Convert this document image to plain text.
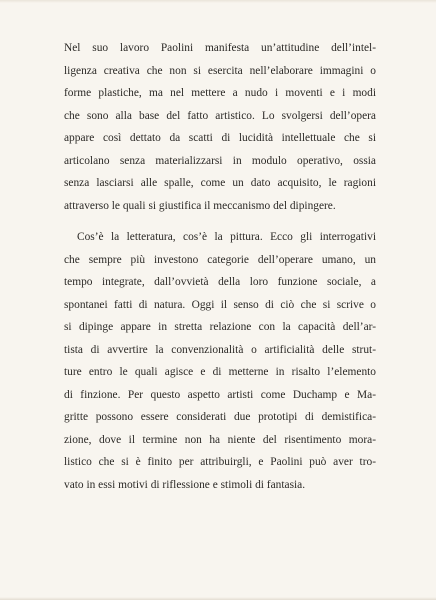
Nel suo lavoro Paolini manifesta un’attitudine dell’intel-
ligenza creativa che non si esercita nell’elaborare immagini o
forme plastiche, ma nel mettere a nudo i moventi e i modi
che sono alla base del fatto artistico. Lo svolgersi dell’opera
appare così dettato da scatti di lucidità intellettuale che si
articolano senza materializzarsi in modulo operativo, ossia
senza lasciarsi alle spalle, come un dato acquisito, le ragioni
attraverso le quali si giustifica il meccanismo del dipingere.
Cos’è la letteratura, cos’è la pittura. Ecco gli interrogativi
che sempre più investono categorie dell’operare umano, un
tempo integrate, dall’ovvietà della loro funzione sociale, a
spontanei fatti di natura. Oggi il senso di ciò che si scrive o
si dipinge appare in stretta relazione con la capacità dell’ar-
tista di avvertire la convenzionalità o artificialità delle strut-
ture entro le quali agisce e di metterne in risalto l’elemento
di finzione. Per questo aspetto artisti come Duchamp e Ma-
gritte possono essere considerati due prototipi di demistifica-
zione, dove il termine non ha niente del risentimento mora-
listico che si è finito per attribuirgli, e Paolini può aver tro-
vato in essi motivi di riflessione e stimoli di fantasia.
